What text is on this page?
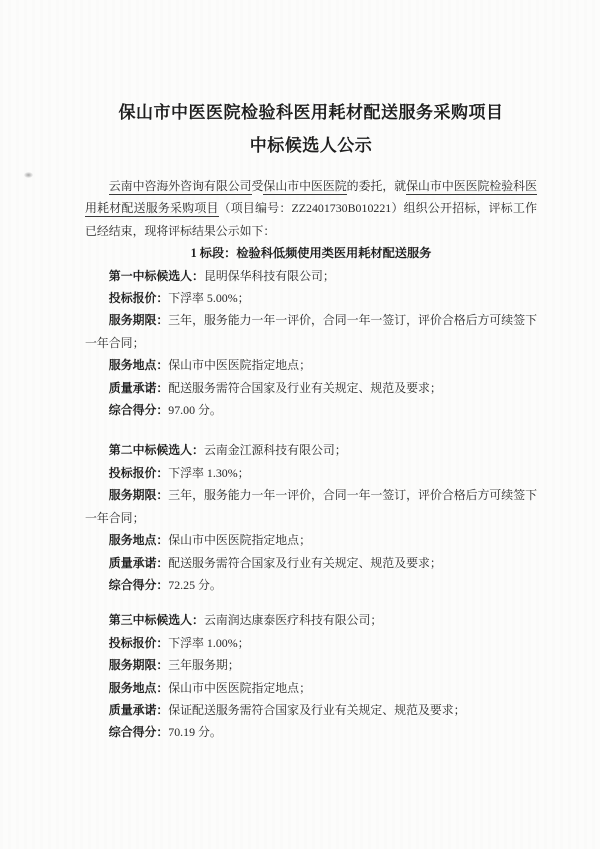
保山市中医医院检验科医用耗材配送服务采购项目
中标候选人公示

云南中咨海外咨询有限公司受保山市中医医院的委托，就保山市中医医院检验科医用耗材配送服务采购项目（项目编号：ZZ2401730B010221）组织公开招标，评标工作已经结束，现将评标结果公示如下：

1 标段：检验科低频使用类医用耗材配送服务

第一中标候选人：昆明保华科技有限公司；

投标报价：下浮率 5.00%；

服务期限：三年，服务能力一年一评价，合同一年一签订，评价合格后方可续签下一年合同；

服务地点：保山市中医医院指定地点；

质量承诺：配送服务需符合国家及行业有关规定、规范及要求；

综合得分：97.00 分。

第二中标候选人：云南金江源科技有限公司；

投标报价：下浮率 1.30%；

服务期限：三年，服务能力一年一评价，合同一年一签订，评价合格后方可续签下一年合同；

服务地点：保山市中医医院指定地点；

质量承诺：配送服务需符合国家及行业有关规定、规范及要求；

综合得分：72.25 分。

第三中标候选人：云南润达康泰医疗科技有限公司；

投标报价：下浮率 1.00%；

服务期限：三年服务期；

服务地点：保山市中医医院指定地点；

质量承诺：保证配送服务需符合国家及行业有关规定、规范及要求；

综合得分：70.19 分。
